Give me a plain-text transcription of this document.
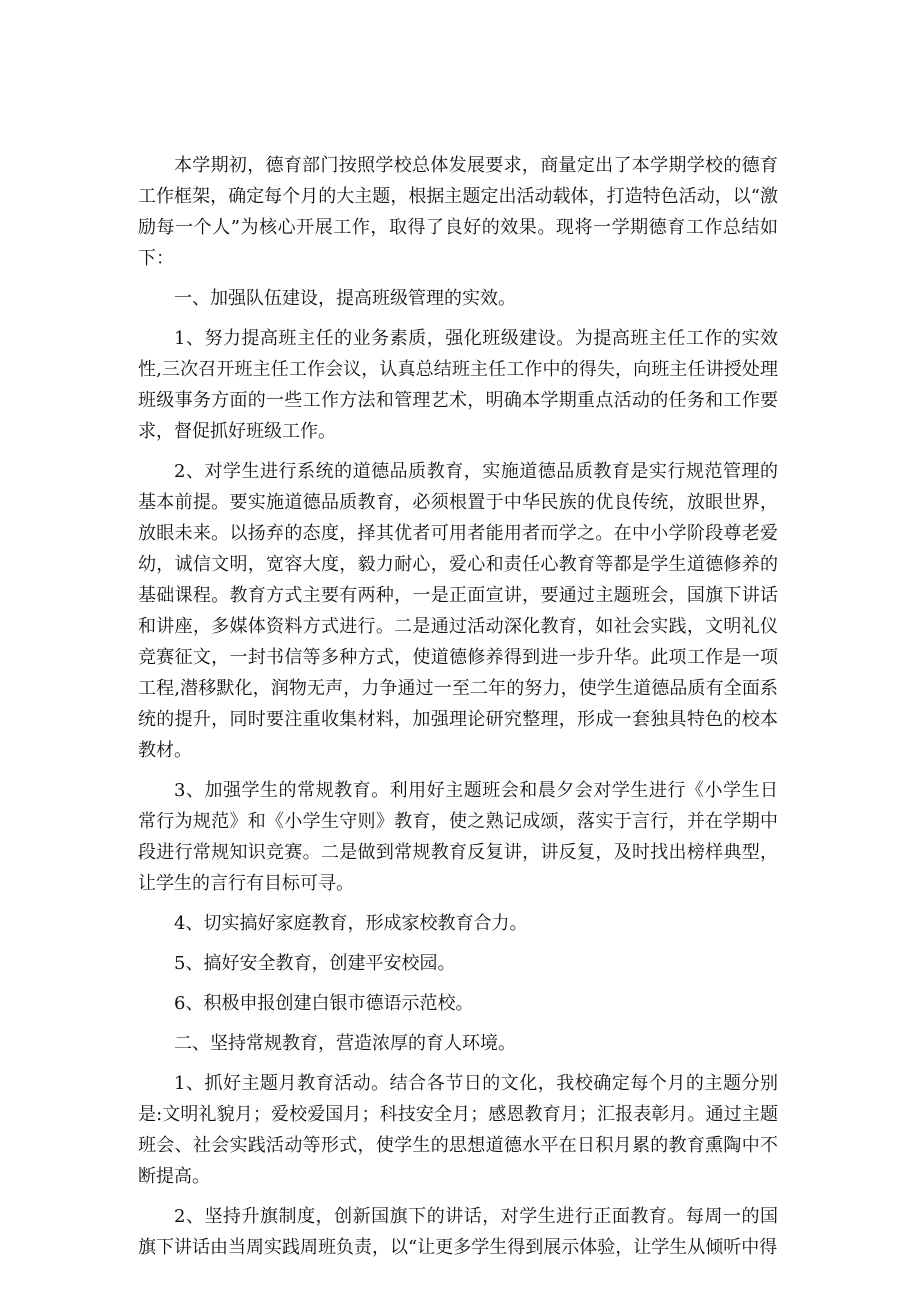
本学期初，德育部门按照学校总体发展要求，商量定出了本学期学校的德育工作框架，确定每个月的大主题，根据主题定出活动载体，打造特色活动，以“激励每一个人”为核心开展工作，取得了良好的效果。现将一学期德育工作总结如下：

一、加强队伍建设，提高班级管理的实效。

1、努力提高班主任的业务素质，强化班级建设。为提高班主任工作的实效性,三次召开班主任工作会议，认真总结班主任工作中的得失，向班主任讲授处理班级事务方面的一些工作方法和管理艺术，明确本学期重点活动的任务和工作要求，督促抓好班级工作。

2、对学生进行系统的道德品质教育，实施道德品质教育是实行规范管理的基本前提。要实施道德品质教育，必须根置于中华民族的优良传统，放眼世界，放眼未来。以扬弃的态度，择其优者可用者能用者而学之。在中小学阶段尊老爱幼，诚信文明，宽容大度，毅力耐心，爱心和责任心教育等都是学生道德修养的基础课程。教育方式主要有两种，一是正面宣讲，要通过主题班会，国旗下讲话和讲座，多媒体资料方式进行。二是通过活动深化教育，如社会实践，文明礼仪竞赛征文，一封书信等多种方式，使道德修养得到进一步升华。此项工作是一项工程,潜移默化，润物无声，力争通过一至二年的努力，使学生道德品质有全面系统的提升，同时要注重收集材料，加强理论研究整理，形成一套独具特色的校本教材。

3、加强学生的常规教育。利用好主题班会和晨夕会对学生进行《小学生日常行为规范》和《小学生守则》教育，使之熟记成颂，落实于言行，并在学期中段进行常规知识竞赛。二是做到常规教育反复讲，讲反复，及时找出榜样典型，让学生的言行有目标可寻。

4、切实搞好家庭教育，形成家校教育合力。

5、搞好安全教育，创建平安校园。

6、积极申报创建白银市德语示范校。

二、坚持常规教育，营造浓厚的育人环境。

1、抓好主题月教育活动。结合各节日的文化，我校确定每个月的主题分别是:文明礼貌月；爱校爱国月；科技安全月；感恩教育月；汇报表彰月。通过主题班会、社会实践活动等形式，使学生的思想道德水平在日积月累的教育熏陶中不断提高。

2、坚持升旗制度，创新国旗下的讲话，对学生进行正面教育。每周一的国旗下讲话由当周实践周班负责，以“让更多学生得到展示体验，让学生从倾听中得
